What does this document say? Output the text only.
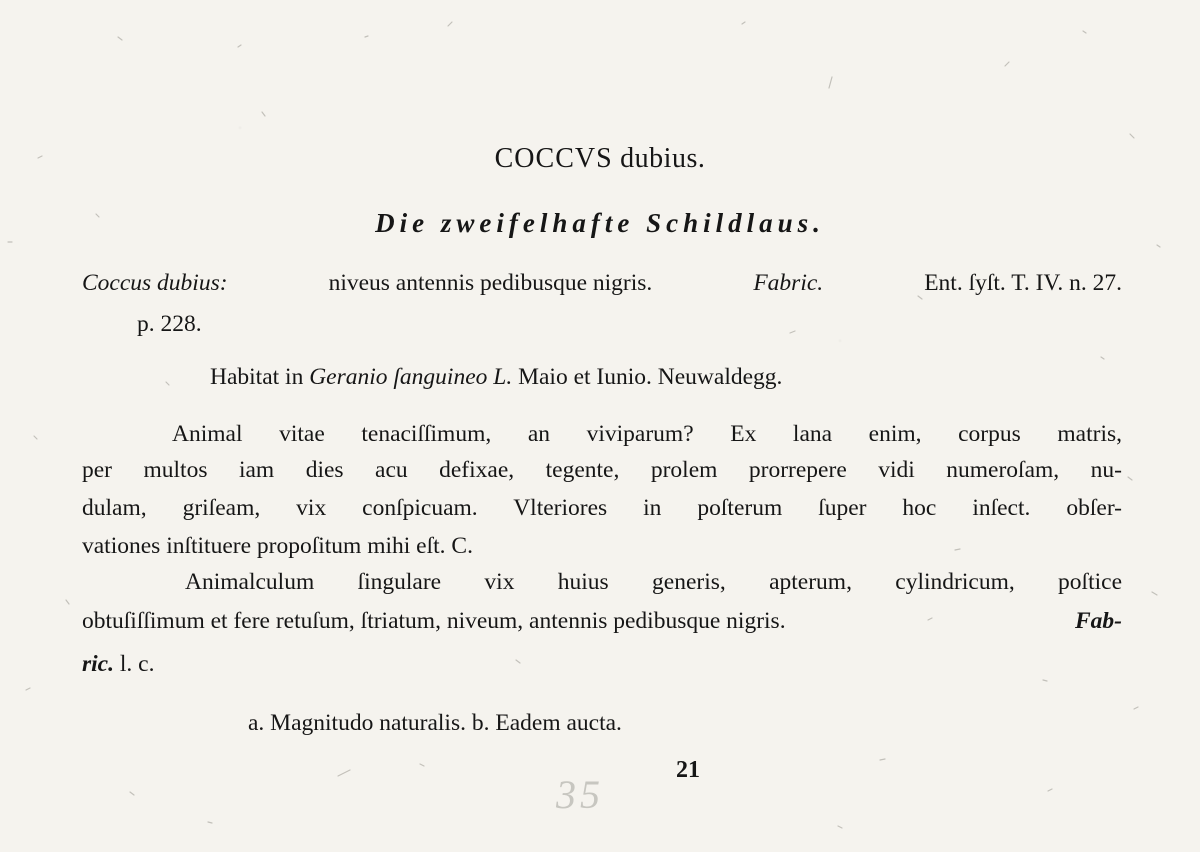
COCCVS dubius.
Die zweifelhafte Schildlaus.
Coccus dubius:	niveus antennis pedibusque nigris.	Fabric.	Ent. ſyſt. T. IV. n. 27.
p. 228.
Habitat in Geranio ſanguineo L. Maio et Iunio. Neuwaldegg.
Animal vitae tenaciſſimum, an viviparum? Ex lana enim, corpus matris,
per multos iam dies acu defixae, tegente, prolem prorrepere vidi numeroſam, nu-
dulam, griſeam, vix conſpicuam. Vlteriores in poſterum ſuper hoc inſect. obſer-
vationes inſtituere propoſitum mihi eſt. C.
Animalculum ſingulare vix huius generis, apterum, cylindricum, poſtice
obtuſiſſimum et fere retuſum, ſtriatum, niveum, antennis pedibusque nigris.	Fab-
ric. l. c.
a. Magnitudo naturalis. b. Eadem aucta.
21
35
